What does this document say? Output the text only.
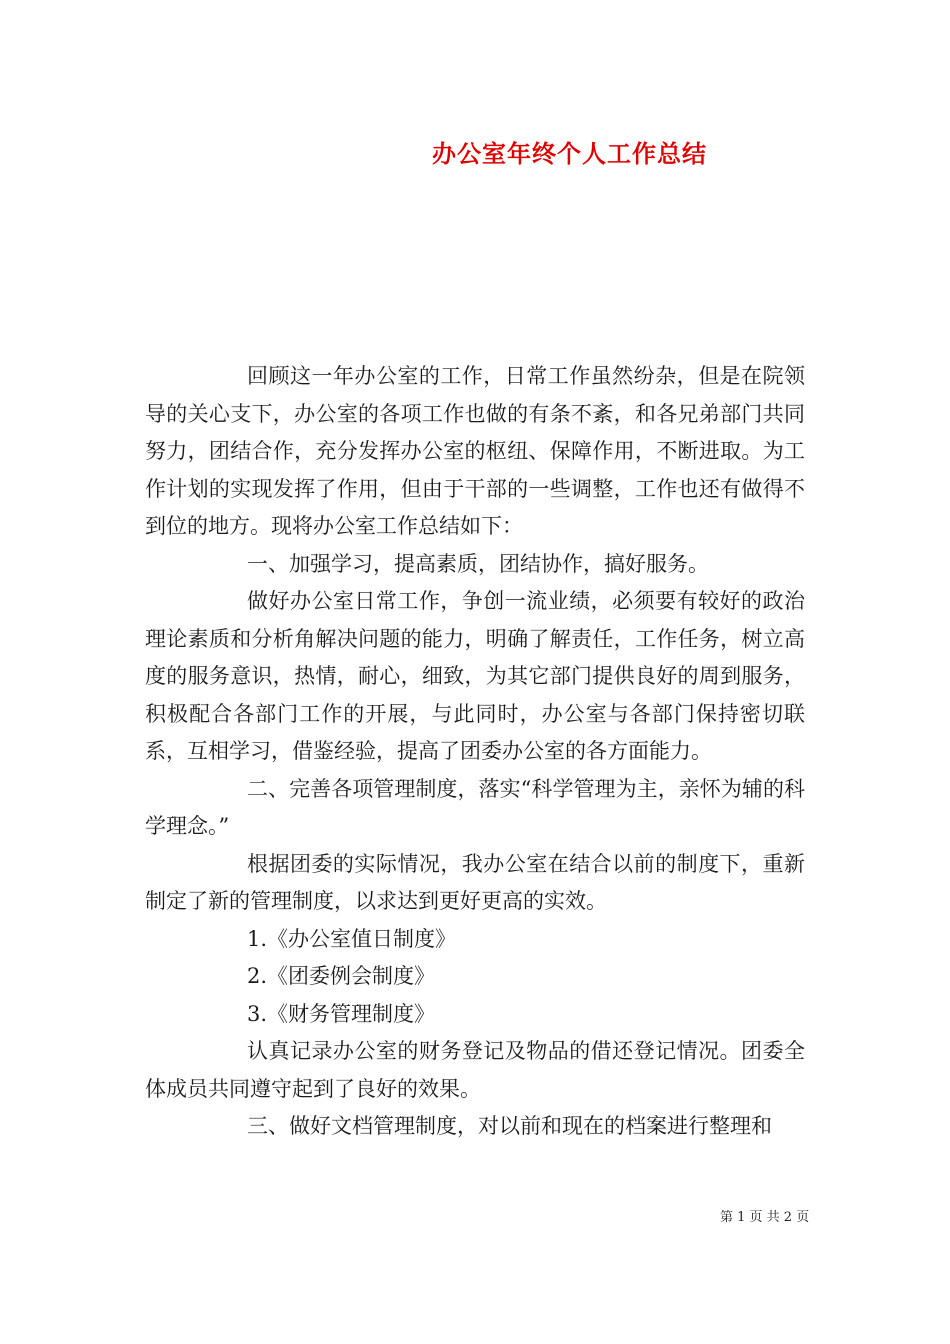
办公室年终个人工作总结

回顾这一年办公室的工作，日常工作虽然纷杂，但是在院领导的关心支下，办公室的各项工作也做的有条不紊，和各兄弟部门共同努力，团结合作，充分发挥办公室的枢纽、保障作用，不断进取。为工作计划的实现发挥了作用，但由于干部的一些调整，工作也还有做得不到位的地方。现将办公室工作总结如下：

一、加强学习，提高素质，团结协作，搞好服务。

做好办公室日常工作，争创一流业绩，必须要有较好的政治理论素质和分析角解决问题的能力，明确了解责任，工作任务，树立高度的服务意识，热情，耐心，细致，为其它部门提供良好的周到服务，积极配合各部门工作的开展，与此同时，办公室与各部门保持密切联系，互相学习，借鉴经验，提高了团委办公室的各方面能力。

二、完善各项管理制度，落实“科学管理为主，亲怀为辅的科学理念。”

根据团委的实际情况，我办公室在结合以前的制度下，重新制定了新的管理制度，以求达到更好更高的实效。

1.《办公室值日制度》

2.《团委例会制度》

3.《财务管理制度》

认真记录办公室的财务登记及物品的借还登记情况。团委全体成员共同遵守起到了良好的效果。

三、做好文档管理制度，对以前和现在的档案进行整理和

第 1 页 共 2 页
